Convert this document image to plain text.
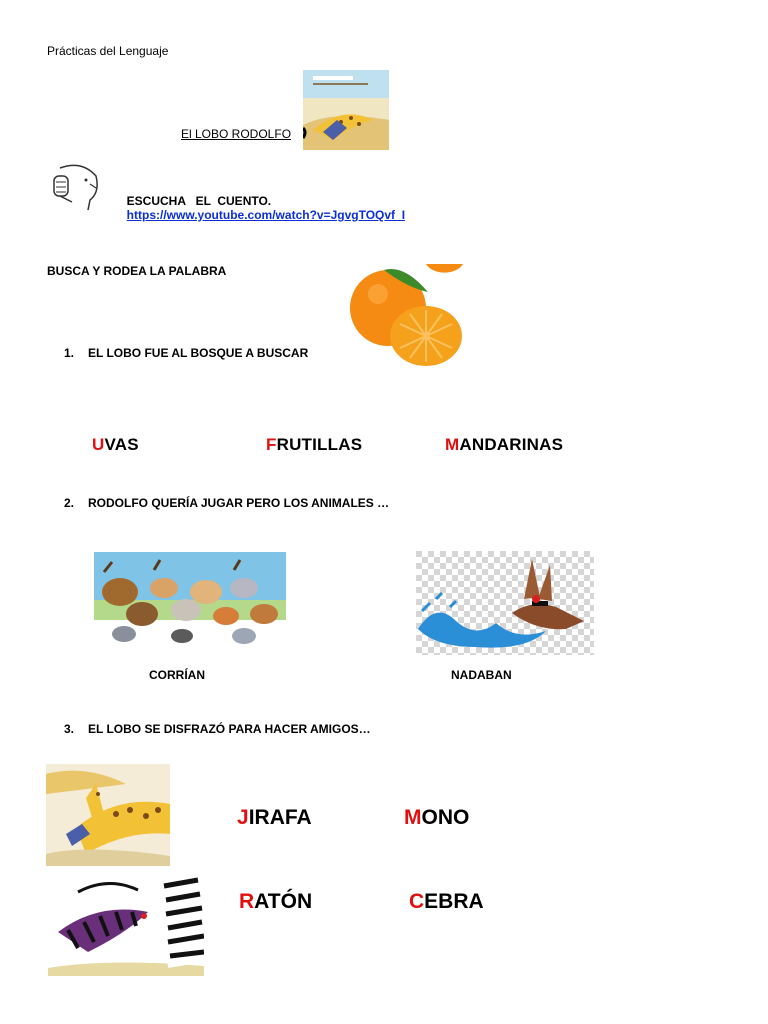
Prácticas del Lenguaje
El LOBO RODOLFO

ESCUCHA   EL  CUENTO.
https://www.youtube.com/watch?v=JgvgTOQvf_I

BUSCA Y RODEA LA PALABRA
1. EL LOBO FUE AL BOSQUE A BUSCAR
UVAS	FRUTILLAS	MANDARINAS
2. RODOLFO QUERÍA JUGAR PERO LOS ANIMALES …
CORRÍAN	NADABAN
3. EL LOBO SE DISFRAZÓ PARA HACER AMIGOS…
JIRAFA	MONO
RATÓN	CEBRA
